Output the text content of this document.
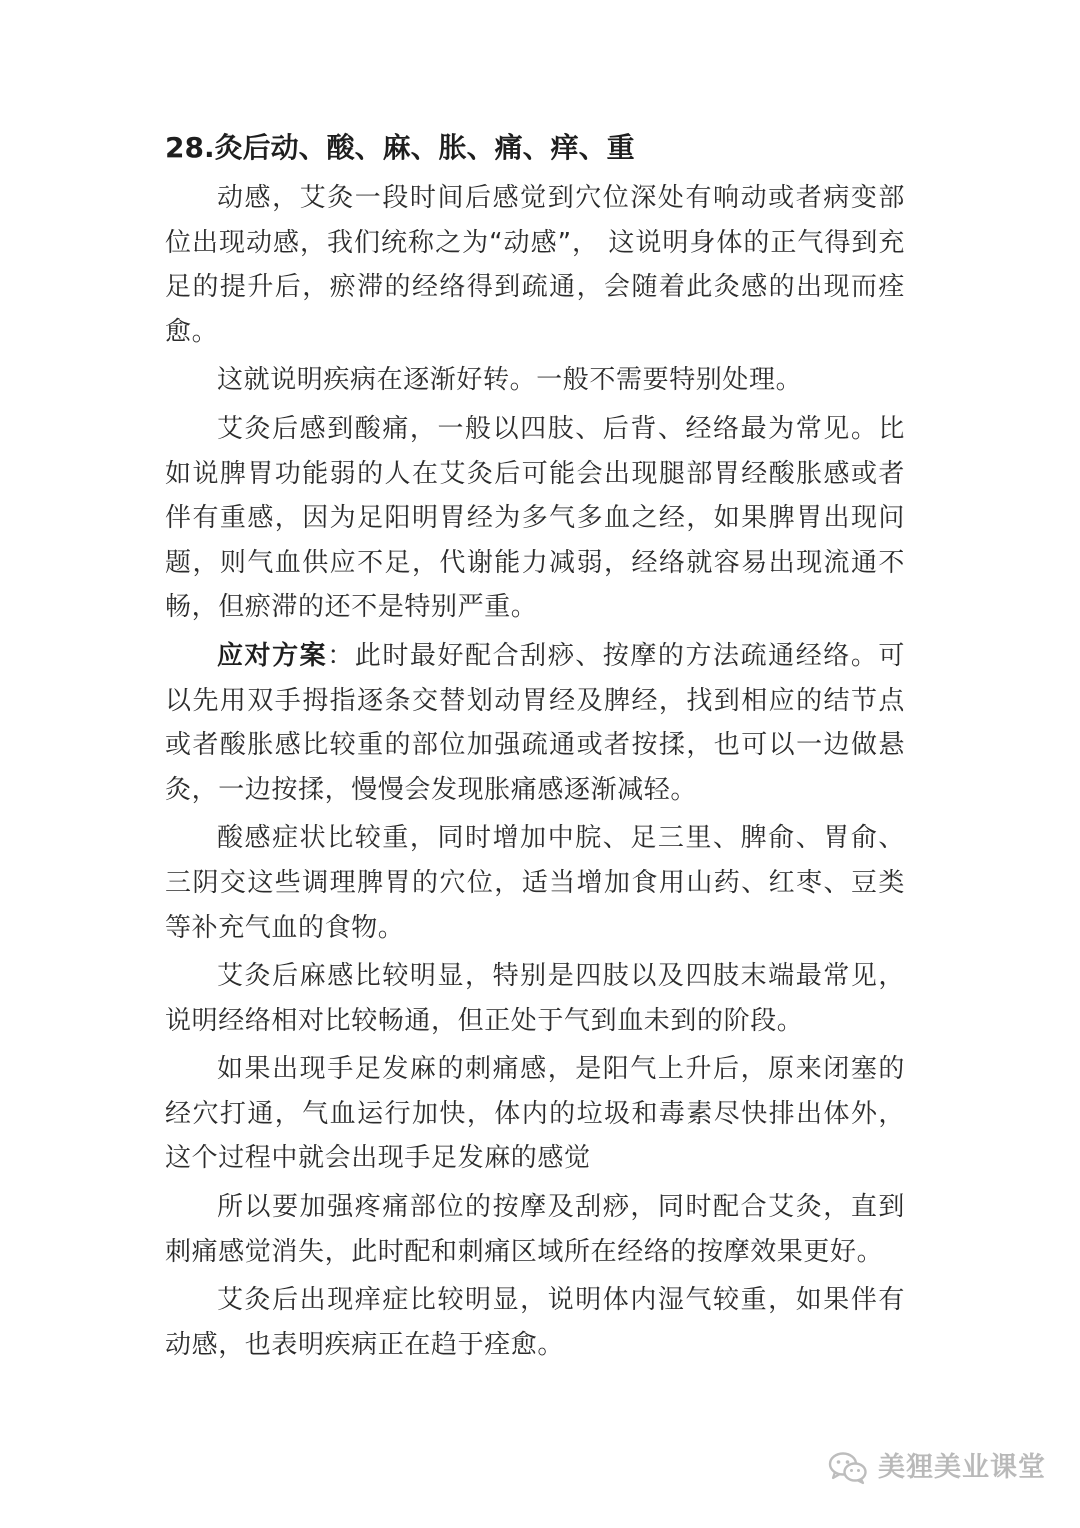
28.灸后动、酸、麻、胀、痛、痒、重

动感，艾灸一段时间后感觉到穴位深处有响动或者病变部位出现动感，我们统称之为“动感”， 这说明身体的正气得到充足的提升后，瘀滞的经络得到疏通，会随着此灸感的出现而痊愈。

这就说明疾病在逐渐好转。一般不需要特别处理。

艾灸后感到酸痛，一般以四肢、后背、经络最为常见。比如说脾胃功能弱的人在艾灸后可能会出现腿部胃经酸胀感或者伴有重感，因为足阳明胃经为多气多血之经，如果脾胃出现问题，则气血供应不足，代谢能力减弱，经络就容易出现流通不畅，但瘀滞的还不是特别严重。

应对方案：此时最好配合刮痧、按摩的方法疏通经络。可以先用双手拇指逐条交替划动胃经及脾经，找到相应的结节点或者酸胀感比较重的部位加强疏通或者按揉，也可以一边做悬灸，一边按揉，慢慢会发现胀痛感逐渐减轻。

酸感症状比较重，同时增加中脘、足三里、脾俞、胃俞、三阴交这些调理脾胃的穴位，适当增加食用山药、红枣、豆类等补充气血的食物。

艾灸后麻感比较明显，特别是四肢以及四肢末端最常见，说明经络相对比较畅通，但正处于气到血未到的阶段。

如果出现手足发麻的刺痛感，是阳气上升后，原来闭塞的经穴打通，气血运行加快，体内的垃圾和毒素尽快排出体外，这个过程中就会出现手足发麻的感觉

所以要加强疼痛部位的按摩及刮痧，同时配合艾灸，直到刺痛感觉消失，此时配和刺痛区域所在经络的按摩效果更好。

艾灸后出现痒症比较明显，说明体内湿气较重，如果伴有动感，也表明疾病正在趋于痊愈。

美狸美业课堂
